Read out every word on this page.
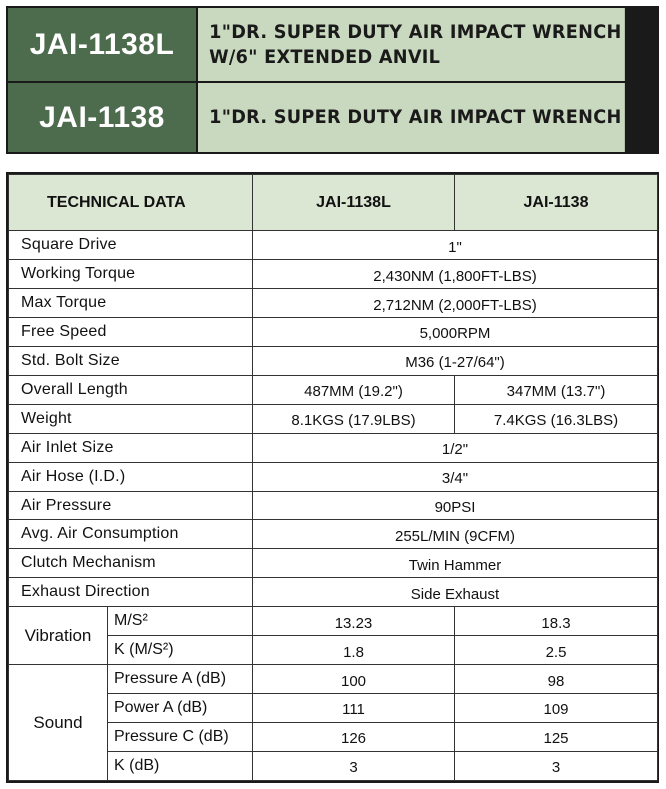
JAI-1138L	1"DR. SUPER DUTY AIR IMPACT WRENCH
W/6" EXTENDED ANVIL
JAI-1138	1"DR. SUPER DUTY AIR IMPACT WRENCH
TECHNICAL DATA		JAI-1138L	JAI-1138
Square Drive		1"	
Working Torque		2,430NM (1,800FT-LBS)	
Max Torque		2,712NM (2,000FT-LBS)	
Free Speed		5,000RPM	
Std. Bolt Size		M36 (1-27/64")	
Overall Length		487MM (19.2")	347MM (13.7")
Weight		8.1KGS (17.9LBS)	7.4KGS (16.3LBS)
Air Inlet Size		1/2"	
Air Hose (I.D.)		3/4"	
Air Pressure		90PSI	
Avg. Air Consumption		255L/MIN (9CFM)	
Clutch Mechanism		Twin Hammer	
Exhaust Direction		Side Exhaust	
Vibration	M/S²	13.23	18.3
	K (M/S²)	1.8	2.5
Sound	Pressure A (dB)	100	98
	Power A (dB)	111	109
	Pressure C (dB)	126	125
	K (dB)	3	3
